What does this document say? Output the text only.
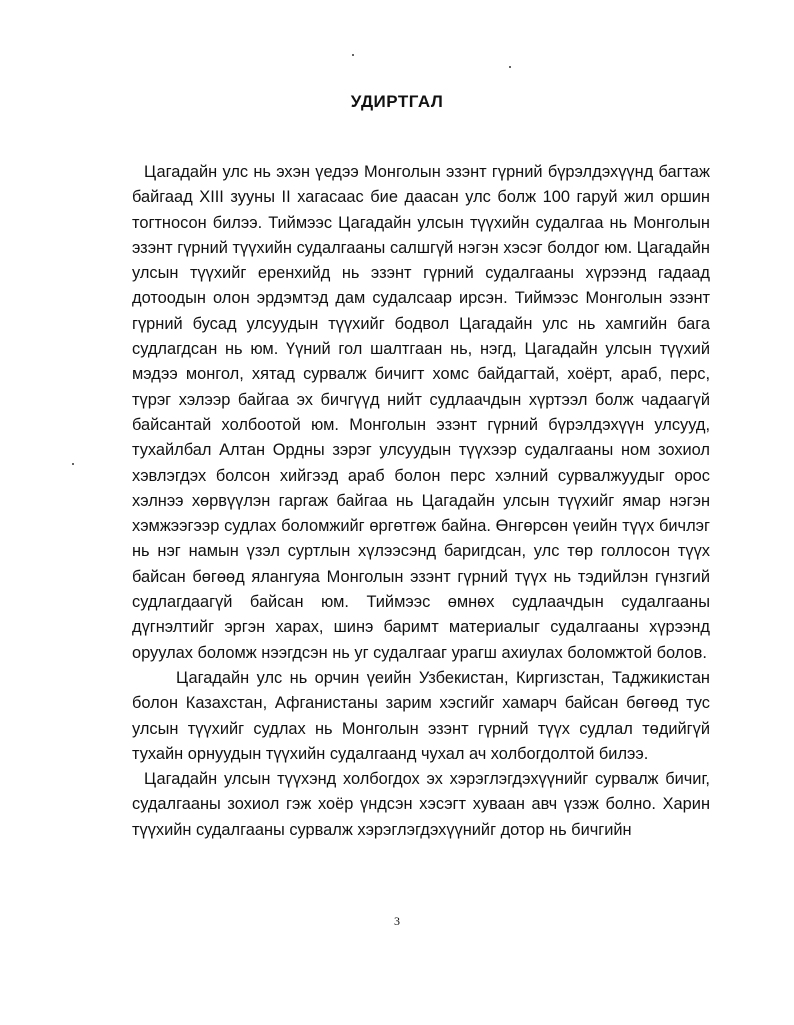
УДИРТГАЛ

Цагадайн улс нь эхэн үедээ Монголын эзэнт гүрний бүрэлдэхүүнд багтаж байгаад XIII зууны II хагасаас бие даасан улс болж 100 гаруй жил оршин тогтносон билээ. Тиймээс Цагадайн улсын түүхийн судалгаа нь Монголын эзэнт гүрний түүхийн судалгааны салшгүй нэгэн хэсэг болдог юм. Цагадайн улсын түүхийг еренхийд нь эзэнт гүрний судалгааны хүрээнд гадаад дотоодын олон эрдэмтэд дам судалсаар ирсэн. Тиймээс Монголын эзэнт гүрний бусад улсуудын түүхийг бодвол Цагадайн улс нь хамгийн бага судлагдсан нь юм. Үүний гол шалтгаан нь, нэгд, Цагадайн улсын түүхий мэдээ монгол, хятад сурвалж бичигт хомс байдагтай, хоёрт, араб, перс, түрэг хэлээр байгаа эх бичгүүд нийт судлаачдын хүртээл болж чадаагүй байсантай холбоотой юм. Монголын эзэнт гүрний бүрэлдэхүүн улсууд, тухайлбал Алтан Ордны зэрэг улсуудын түүхээр судалгааны ном зохиол хэвлэгдэх болсон хийгээд араб болон перс хэлний сурвалжуудыг орос хэлнээ хөрвүүлэн гаргаж байгаа нь Цагадайн улсын түүхийг ямар нэгэн хэмжээгээр судлах боломжийг өргөтгөж байна. Өнгөрсөн үеийн түүх бичлэг нь нэг намын үзэл суртлын хүлээсэнд баригдсан, улс төр голлосон түүх байсан бөгөөд ялангуяа Монголын эзэнт гүрний түүх нь тэдийлэн гүнзгий судлагдаагүй байсан юм. Тиймээс өмнөх судлаачдын судалгааны дүгнэлтийг эргэн харах, шинэ баримт материалыг судалгааны хүрээнд оруулах боломж нээгдсэн нь уг судалгааг урагш ахиулах боломжтой болов.

Цагадайн улс нь орчин үеийн Узбекистан, Киргизстан, Таджикистан болон Казахстан, Афганистаны зарим хэсгийг хамарч байсан бөгөөд тус улсын түүхийг судлах нь Монголын эзэнт гүрний түүх судлал төдийгүй тухайн орнуудын түүхийн судалгаанд чухал ач холбогдолтой билээ.

Цагадайн улсын түүхэнд холбогдох эх хэрэглэгдэхүүнийг сурвалж бичиг, судалгааны зохиол гэж хоёр үндсэн хэсэгт хуваан авч үзэж болно. Харин түүхийн судалгааны сурвалж хэрэглэгдэхүүнийг дотор нь бичгийн

3
